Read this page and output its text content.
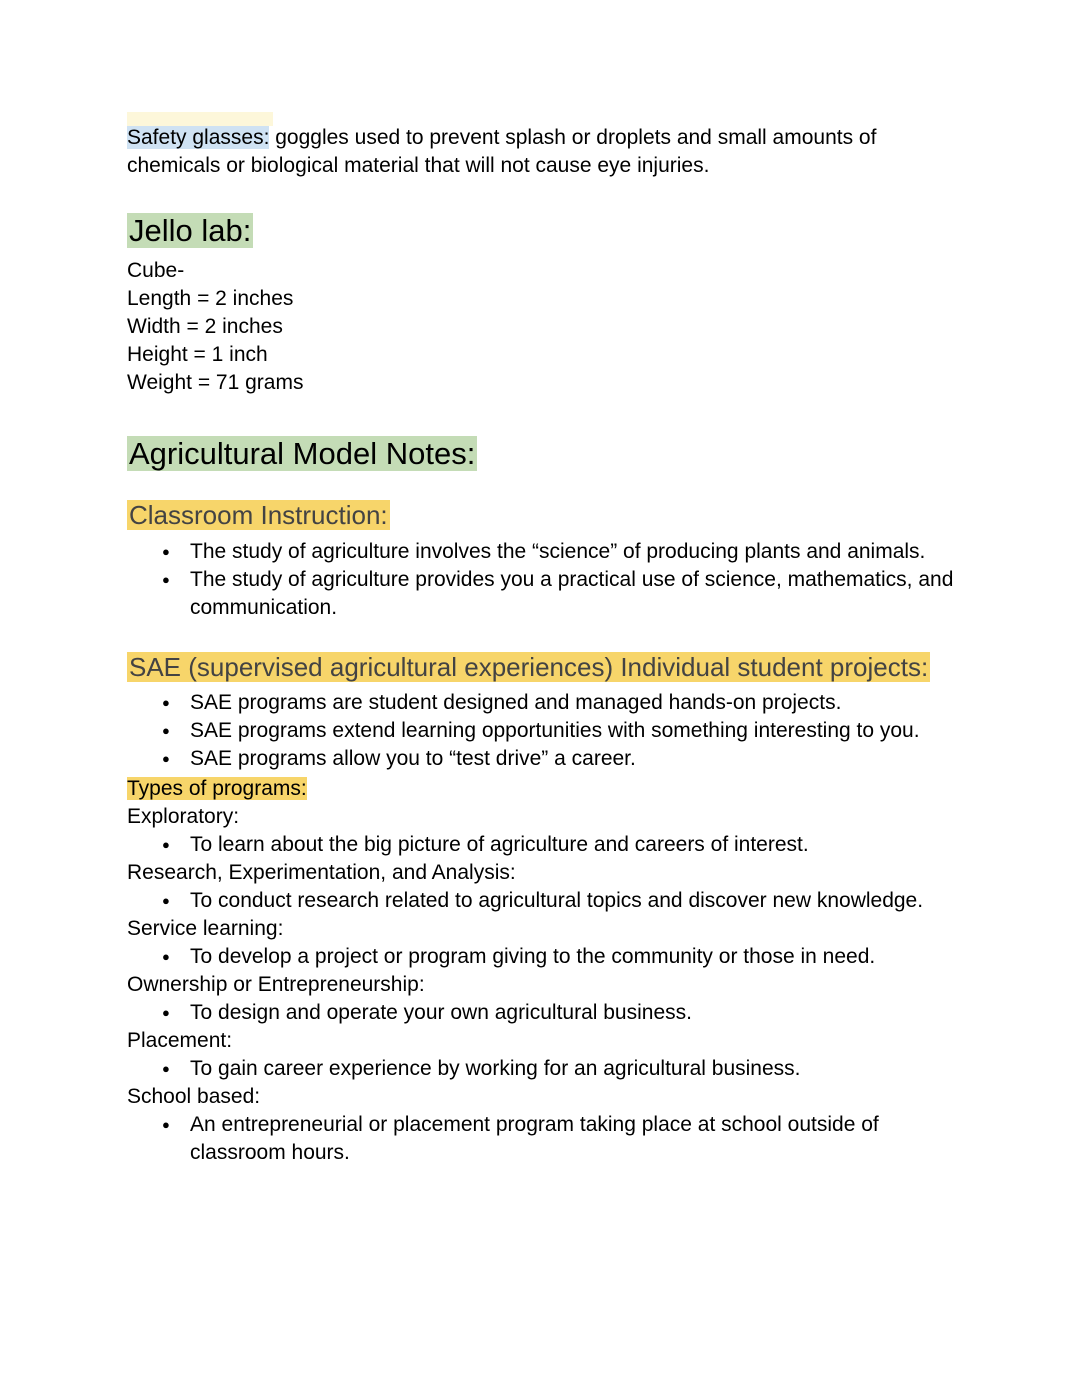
Safety glasses: goggles used to prevent splash or droplets and small amounts of chemicals or biological material that will not cause eye injuries.

Jello lab:
Cube-
Length = 2 inches
Width = 2 inches
Height = 1 inch
Weight = 71 grams
Agricultural Model Notes:
Classroom Instruction:
● The study of agriculture involves the “science” of producing plants and animals.
● The study of agriculture provides you a practical use of science, mathematics, and communication.
SAE (supervised agricultural experiences) Individual student projects:
● SAE programs are student designed and managed hands-on projects.
● SAE programs extend learning opportunities with something interesting to you.
● SAE programs allow you to “test drive” a career.
Types of programs:
Exploratory:
● To learn about the big picture of agriculture and careers of interest.
Research, Experimentation, and Analysis:
● To conduct research related to agricultural topics and discover new knowledge.
Service learning:
● To develop a project or program giving to the community or those in need.
Ownership or Entrepreneurship:
● To design and operate your own agricultural business.
Placement:
● To gain career experience by working for an agricultural business.
School based:
● An entrepreneurial or placement program taking place at school outside of classroom hours.
